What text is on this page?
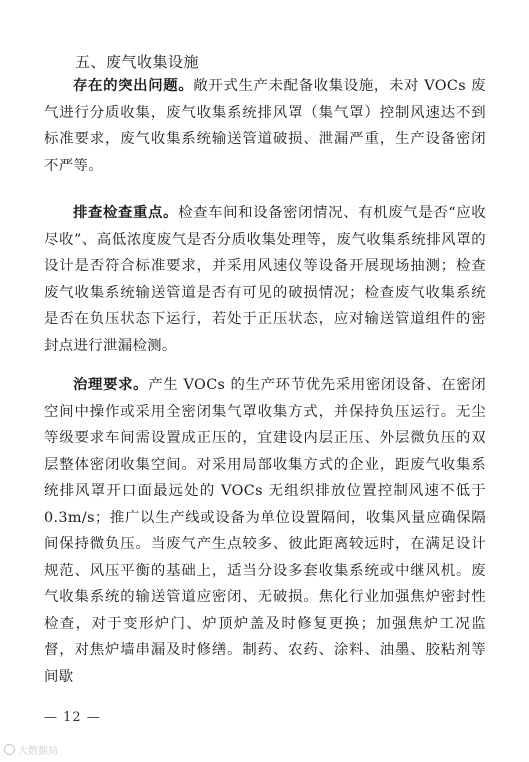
五、废气收集设施

存在的突出问题。敞开式生产未配备收集设施，未对 VOCs 废气进行分质收集，废气收集系统排风罩（集气罩）控制风速达不到标准要求，废气收集系统输送管道破损、泄漏严重，生产设备密闭不严等。

排查检查重点。检查车间和设备密闭情况、有机废气是否“应收尽收”、高低浓度废气是否分质收集处理等，废气收集系统排风罩的设计是否符合标准要求，并采用风速仪等设备开展现场抽测；检查废气收集系统输送管道是否有可见的破损情况；检查废气收集系统是否在负压状态下运行，若处于正压状态，应对输送管道组件的密封点进行泄漏检测。

治理要求。产生 VOCs 的生产环节优先采用密闭设备、在密闭空间中操作或采用全密闭集气罩收集方式，并保持负压运行。无尘等级要求车间需设置成正压的，宜建设内层正压、外层微负压的双层整体密闭收集空间。对采用局部收集方式的企业，距废气收集系统排风罩开口面最远处的 VOCs 无组织排放位置控制风速不低于 0.3m/s；推广以生产线或设备为单位设置隔间，收集风量应确保隔间保持微负压。当废气产生点较多、彼此距离较远时，在满足设计规范、风压平衡的基础上，适当分设多套收集系统或中继风机。废气收集系统的输送管道应密闭、无破损。焦化行业加强焦炉密封性检查，对于变形炉门、炉顶炉盖及时修复更换；加强焦炉工况监督，对焦炉墙串漏及时修缮。制药、农药、涂料、油墨、胶粘剂等间歇

— 12 —
大数据局
